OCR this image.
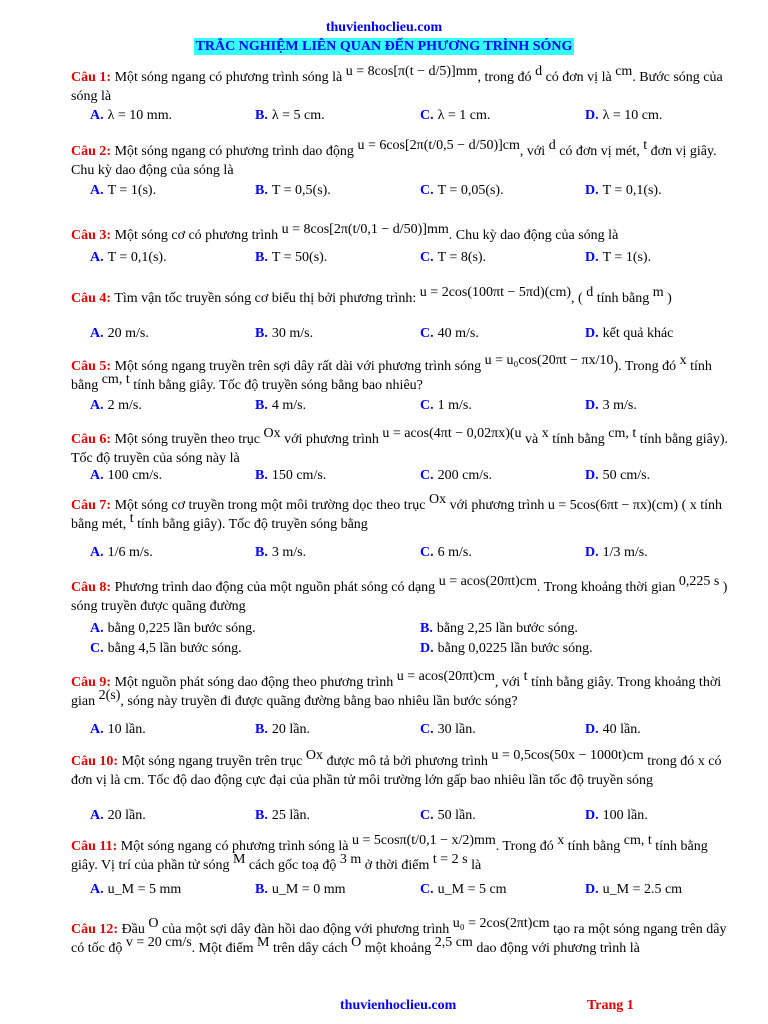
thuvienhoclieu.com
TRẮC NGHIỆM LIÊN QUAN ĐẾN PHƯƠNG TRÌNH SÓNG
Câu 1: Một sóng ngang có phương trình sóng là u = 8cos[π(t − d/5)]mm, trong đó d có đơn vị là cm. Bước sóng của sóng là
A. λ = 10 mm.	B. λ = 5 cm.	C. λ = 1 cm.	D. λ = 10 cm.
Câu 2: Một sóng ngang có phương trình dao động u = 6cos[2π(t/0,5 − d/50)]cm, với d có đơn vị mét, t đơn vị giây. Chu kỳ dao động của sóng là
A. T = 1(s).	B. T = 0,5(s).	C. T = 0,05(s).	D. T = 0,1(s).
Câu 3: Một sóng cơ có phương trình u = 8cos[2π(t/0,1 − d/50)]mm. Chu kỳ dao động của sóng là
A. T = 0,1(s).	B. T = 50(s).	C. T = 8(s).	D. T = 1(s).
Câu 4: Tìm vận tốc truyền sóng cơ biểu thị bởi phương trình: u = 2cos(100πt − 5πd)(cm), ( d tính bằng m )
A. 20 m/s.	B. 30 m/s.	C. 40 m/s.	D. kết quả khác
Câu 5: Một sóng ngang truyền trên sợi dây rất dài với phương trình sóng u = u₀cos(20πt − πx/10). Trong đó x tính bằng cm, t tính bằng giây. Tốc độ truyền sóng bằng bao nhiêu?
A. 2 m/s.	B. 4 m/s.	C. 1 m/s.	D. 3 m/s.
Câu 6: Một sóng truyền theo trục Ox với phương trình u = acos(4πt − 0,02πx)(u và x tính bằng cm, t tính bằng giây). Tốc độ truyền của sóng này là
A. 100 cm/s.	B. 150 cm/s.	C. 200 cm/s.	D. 50 cm/s.
Câu 7: Một sóng cơ truyền trong một môi trường dọc theo trục Ox với phương trình u = 5cos(6πt − πx)(cm) ( x tính bằng mét, t tính bằng giây). Tốc độ truyền sóng bằng
A. 1/6 m/s.	B. 3 m/s.	C. 6 m/s.	D. 1/3 m/s.
Câu 8: Phương trình dao động của một nguồn phát sóng có dạng u = acos(20πt)cm. Trong khoảng thời gian 0,225 s ) sóng truyền được quãng đường
A. bằng 0,225 lần bước sóng.	B. bằng 2,25 lần bước sóng.
C. bằng 4,5 lần bước sóng.	D. bằng 0,0225 lần bước sóng.
Câu 9: Một nguồn phát sóng dao động theo phương trình u = acos(20πt)cm, với t tính bằng giây. Trong khoảng thời gian 2(s), sóng này truyền đi được quãng đường bằng bao nhiêu lần bước sóng?
A. 10 lần.	B. 20 lần.	C. 30 lần.	D. 40 lần.
Câu 10: Một sóng ngang truyền trên trục Ox được mô tả bởi phương trình u = 0,5cos(50x − 1000t)cm trong đó x có đơn vị là cm. Tốc độ dao động cực đại của phần tử môi trường lớn gấp bao nhiêu lần tốc độ truyền sóng
A. 20 lần.	B. 25 lần.	C. 50 lần.	D. 100 lần.
Câu 11: Một sóng ngang có phương trình sóng là u = 5cosπ(t/0,1 − x/2)mm. Trong đó x tính bằng cm, t tính bằng giây. Vị trí của phần tử sóng M cách gốc toạ độ 3 m ở thời điểm t = 2 s là
A. u_M = 5 mm	B. u_M = 0 mm	C. u_M = 5 cm	D. u_M = 2.5 cm
Câu 12: Đầu O của một sợi dây đàn hồi dao động với phương trình u₀ = 2cos(2πt)cm tạo ra một sóng ngang trên dây có tốc độ v = 20 cm/s. Một điểm M trên dây cách O một khoảng 2,5 cm dao động với phương trình là
thuvienhoclieu.com	Trang 1
